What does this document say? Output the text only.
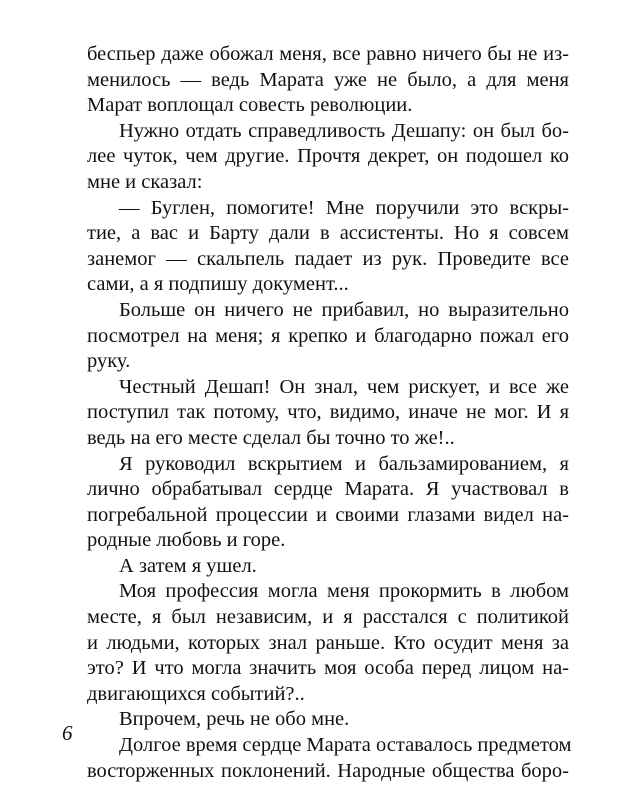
беспьер даже обожал меня, все равно ничего бы не из-
менилось — ведь Марата уже не было, а для меня
Марат воплощал совесть революции.
Нужно отдать справедливость Дешапу: он был бо-
лее чуток, чем другие. Прочтя декрет, он подошел ко
мне и сказал:
— Буглен, помогите! Мне поручили это вскры-
тие, а вас и Барту дали в ассистенты. Но я совсем
занемог — скальпель падает из рук. Проведите все
сами, а я подпишу документ...
Больше он ничего не прибавил, но выразительно
посмотрел на меня; я крепко и благодарно пожал его
руку.
Честный Дешап! Он знал, чем рискует, и все же
поступил так потому, что, видимо, иначе не мог. И я
ведь на его месте сделал бы точно то же!..
Я руководил вскрытием и бальзамированием, я
лично обрабатывал сердце Марата. Я участвовал в
погребальной процессии и своими глазами видел на-
родные любовь и горе.
А затем я ушел.
Моя профессия могла меня прокормить в любом
месте, я был независим, и я расстался с политикой
и людьми, которых знал раньше. Кто осудит меня за
это? И что могла значить моя особа перед лицом на-
двигающихся событий?..
Впрочем, речь не обо мне.
Долгое время сердце Марата оставалось предметом
восторженных поклонений. Народные общества боро-
6
